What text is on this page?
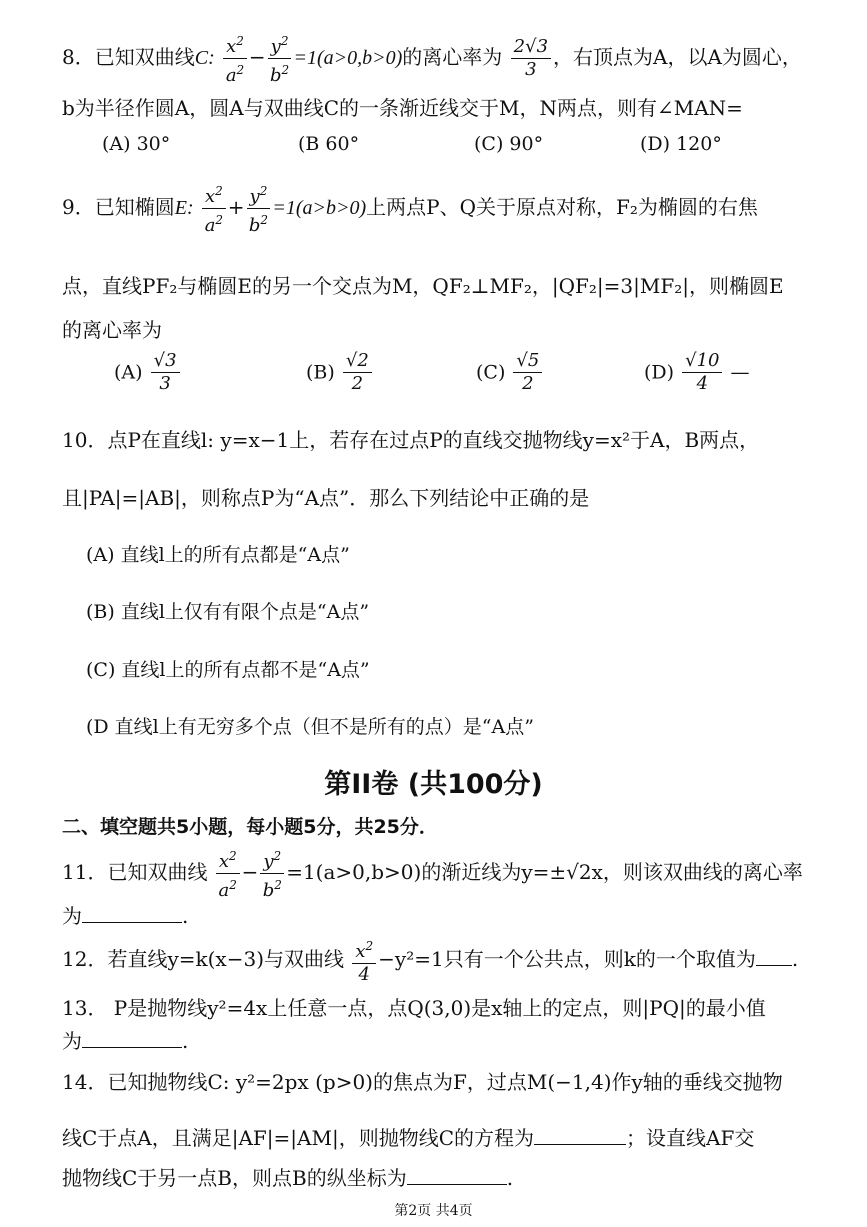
8．已知双曲线C: $\frac{x^2}{a^2} - \frac{y^2}{b^2} =1(a>0,b>0)$的离心率为 $\frac{2√3}{3}$ ，右顶点为A，以A为圆心，
b为半径作圆A，圆A与双曲线C的一条渐近线交于M，N两点，则有∠MAN=
(A) 30°	(B 60°	(C) 90°	(D) 120°
9．已知椭圆E: $\frac{x^2}{a^2} + \frac{y^2}{b^2} =1(a>b>0)$上两点P、Q关于原点对称，F₂为椭圆的右焦
点，直线PF₂与椭圆E的另一个交点为M，QF₂⊥MF₂，|QF₂|=3|MF₂|，则椭圆E
的离心率为
$(A) \frac{√3}{3}$	$(B) \frac{√2}{2}$	$(C) \frac{√5}{2}$	$(D) \frac{√10}{4}$ —
10．点P在直线l: y=x−1上，若存在过点P的直线交抛物线y=x²于A，B两点，
且|PA|=|AB|，则称点P为“A点”．那么下列结论中正确的是
(A) 直线l上的所有点都是“A点”
(B) 直线l上仅有有限个点是“A点”
(C) 直线l上的所有点都不是“A点”
(D 直线l上有无穷多个点（但不是所有的点）是“A点”
第II卷 (共100分)
二、填空题共5小题，每小题5分，共25分．
11．已知双曲线 $\frac{x^2}{a^2} - \frac{y^2}{b^2} =1(a>0,b>0)$的渐近线为y=±√2x，则该双曲线的离心率
为	.
12．若直线y=k(x−3)与双曲线 $\frac{x^2}{4} -y^2=1$只有一个公共点，则k的一个取值为 .
13． P是抛物线y²=4x上任意一点，点Q(3,0)是x轴上的定点，则|PQ|的最小值
为	.
14．已知抛物线C: y²=2px (p>0)的焦点为F，过点M(−1,4)作y轴的垂线交抛物
线C于点A，且满足|AF|=|AM|，则抛物线C的方程为	；设直线AF交
抛物线C于另一点B，则点B的纵坐标为	.
第2页 共4页
